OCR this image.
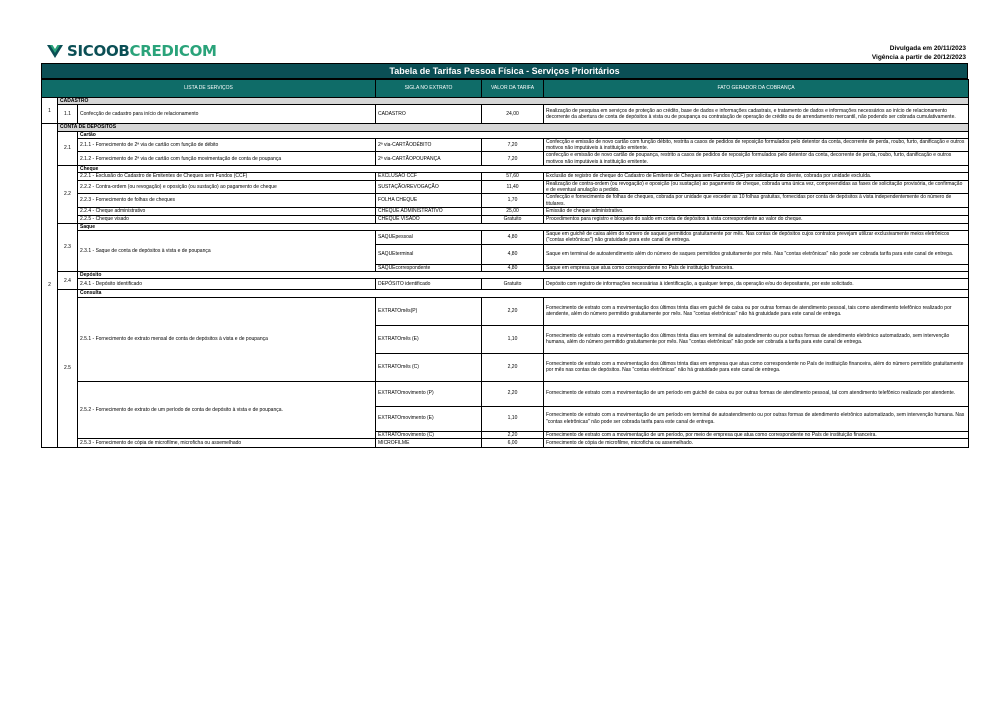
SICOOBCREDICOM	Divulgada em 20/11/2023
Vigência a partir de 20/12/2023
Tabela de Tarifas Pessoa Física - Serviços Prioritários
LISTA DE SERVIÇOS			SIGLA NO EXTRATO	VALOR DA TARIFA	FATO GERADOR DA COBRANÇA
1	CADASTRO				
	1.1	Confecção de cadastro para início de relacionamento	CADASTRO	24,00	Realização de pesquisa em serviços de proteção ao crédito, base de dados e informações cadastrais, e tratamento de dados e informações necessários ao início de relacionamento decorrente da abertura de conta de depósitos à vista ou de poupança ou contratação de operação de crédito ou de arrendamento mercantil, não podendo ser cobrada cumulativamente.
2	CONTA DE DEPÓSITOS				
	2.1	Cartão			
		2.1.1 - Fornecimento de 2ª via de cartão com função de débito	2ª via-CARTÃODÉBITO	7,20	Confecção e emissão de novo cartão com função débito, restrita a casos de pedidos de reposição formulados pelo detentor da conta, decorrente de perda, roubo, furto, danificação e outros motivos não imputáveis à instituição emitente.
		2.1.2 - Fornecimento de 2ª via de cartão com função movimentação de conta de poupança	2ª via-CARTÃOPOUPANÇA	7,20	confecção e emissão de novo cartão de poupança, restrito a casos de pedidos de reposição formulados pelo detentor da conta, decorrente de perda, roubo, furto, danificação e outros motivos não imputáveis à instituição emitente.
	2.2	Cheque			
		2.2.1 - Exclusão do Cadastro de Emitentes de Cheques sem Fundos (CCF)	EXCLUSÃO CCF	57,60	Exclusão de registro de cheque do Cadastro de Emitente de Cheques sem Fundos (CCF) por solicitação do cliente, cobrada por unidade excluída.
		2.2.2 - Contra-ordem (ou revogação) e oposição (ou sustação) ao pagamento de cheque	SUSTAÇÃO/REVOGAÇÃO	11,40	Realização de contra-ordem (ou revogação) e oposição (ou sustação) ao pagamento de cheque, cobrada uma única vez, compreendidas as fases de solicitação provisória, de confirmação e de eventual anulação a pedido.
		2.2.3 - Fornecimento de folhas de cheques	FOLHA CHEQUE	1,70	Confecção e fornecimento de folhas de cheques, cobrada por unidade que exceder as 10 folhas gratuitas, fornecidas por conta de depósitos à vista independentemente do número de titulares.
		2.2.4 - Cheque administrativo	CHEQUE ADMINISTRATIVO	25,00	Emissão de cheque administrativo.
		2.2.5 - Cheque visado	CHEQUE VISADO	Gratuito	Procedimentos para registro e bloqueio do saldo em conta de depósitos à vista correspondente ao valor do cheque.
	2.3	Saque			
		2.3.1 - Saque de conta de depósitos à vista e de poupança	SAQUEpessoal	4,80	Saque em guichê de caixa além do número de saques permitidos gratuitamente por mês. Nas contas de depósitos cujos contratos prevejam utilizar exclusivamente meios eletrônicos ("contas eletrônicas") não gratuidade para este canal de entrega.
			SAQUEterminal	4,80	Saque em terminal de autoatendimento além do número de saques permitidos gratuitamente por mês. Nas "contas eletrônicas" não pode ser cobrada tarifa para este canal de entrega.
			SAQUEcorrespondente	4,80	Saque em empresa que atua como correspondente no País de instituição financeira.
	2.4	Depósito			
		2.4.1 - Depósito identificado	DEPÓSITO identificado	Gratuito	Depósito com registro de informações necessárias à identificação, a qualquer tempo, da operação e/ou do depositante, por este solicitado.
	2.5	Consulta			
		2.5.1 - Fornecimento de extrato mensal de conta de depósitos à vista e de poupança	EXTRATOmês(P)	2,20	Fornecimento de extrato com a movimentação dos últimos trinta dias em guichê de caixa ou por outras formas de atendimento pessoal, tais como atendimento telefônico realizado por atendente, além do número permitido gratuitamente por mês. Nas "contas eletrônicas" não há gratuidade para este canal de entrega.
			EXTRATOmês (E)	1,10	Fornecimento de extrato com a movimentação dos últimos trinta dias em terminal de autoatendimento ou por outras formas de atendimento eletrônico automatizado, sem intervenção humana, além do número permitido gratuitamente por mês. Nas "contas eletrônicas" não pode ser cobrada a tarifa para este canal de entrega.
			EXTRATOmês (C)	2,20	Fornecimento de extrato com a movimentação dos últimos trinta dias em empresa que atua como correspondente no País de instituição financeira, além do número permitido gratuitamente por mês nas contas de depósitos. Nas "contas eletrônicas" não há gratuidade para este canal de entrega.
		2.5.2 - Fornecimento de extrato de um período de conta de depósito à vista e de poupança.	EXTRATOmovimento (P)	2,20	Fornecimento de extrato com a movimentação de um período em guichê de caixa ou por outras formas de atendimento pessoal, tal com atendimento telefônico realizado por atendente.
			EXTRATOmovimento (E)	1,10	Fornecimento de extrato com a movimentação de um período em terminal de autoatendimento ou por outras formas de atendimento eletrônico automatizado, sem intervenção humana. Nas "contas eletrônicas" não pode ser cobrada tarifa para este canal de entrega.
			EXTRATOmovimento (C)	2,20	Fornecimento de extrato com a movimentação de um período, por meio de empresa que atua como correspondente no País de instituição financeira.
		2.5.3 - Fornecimento de cópia de microfilme, microficha ou assemelhado	MICROFILME	6,00	Fornecimento de cópia de microfilme, microficha ou assemelhado.
